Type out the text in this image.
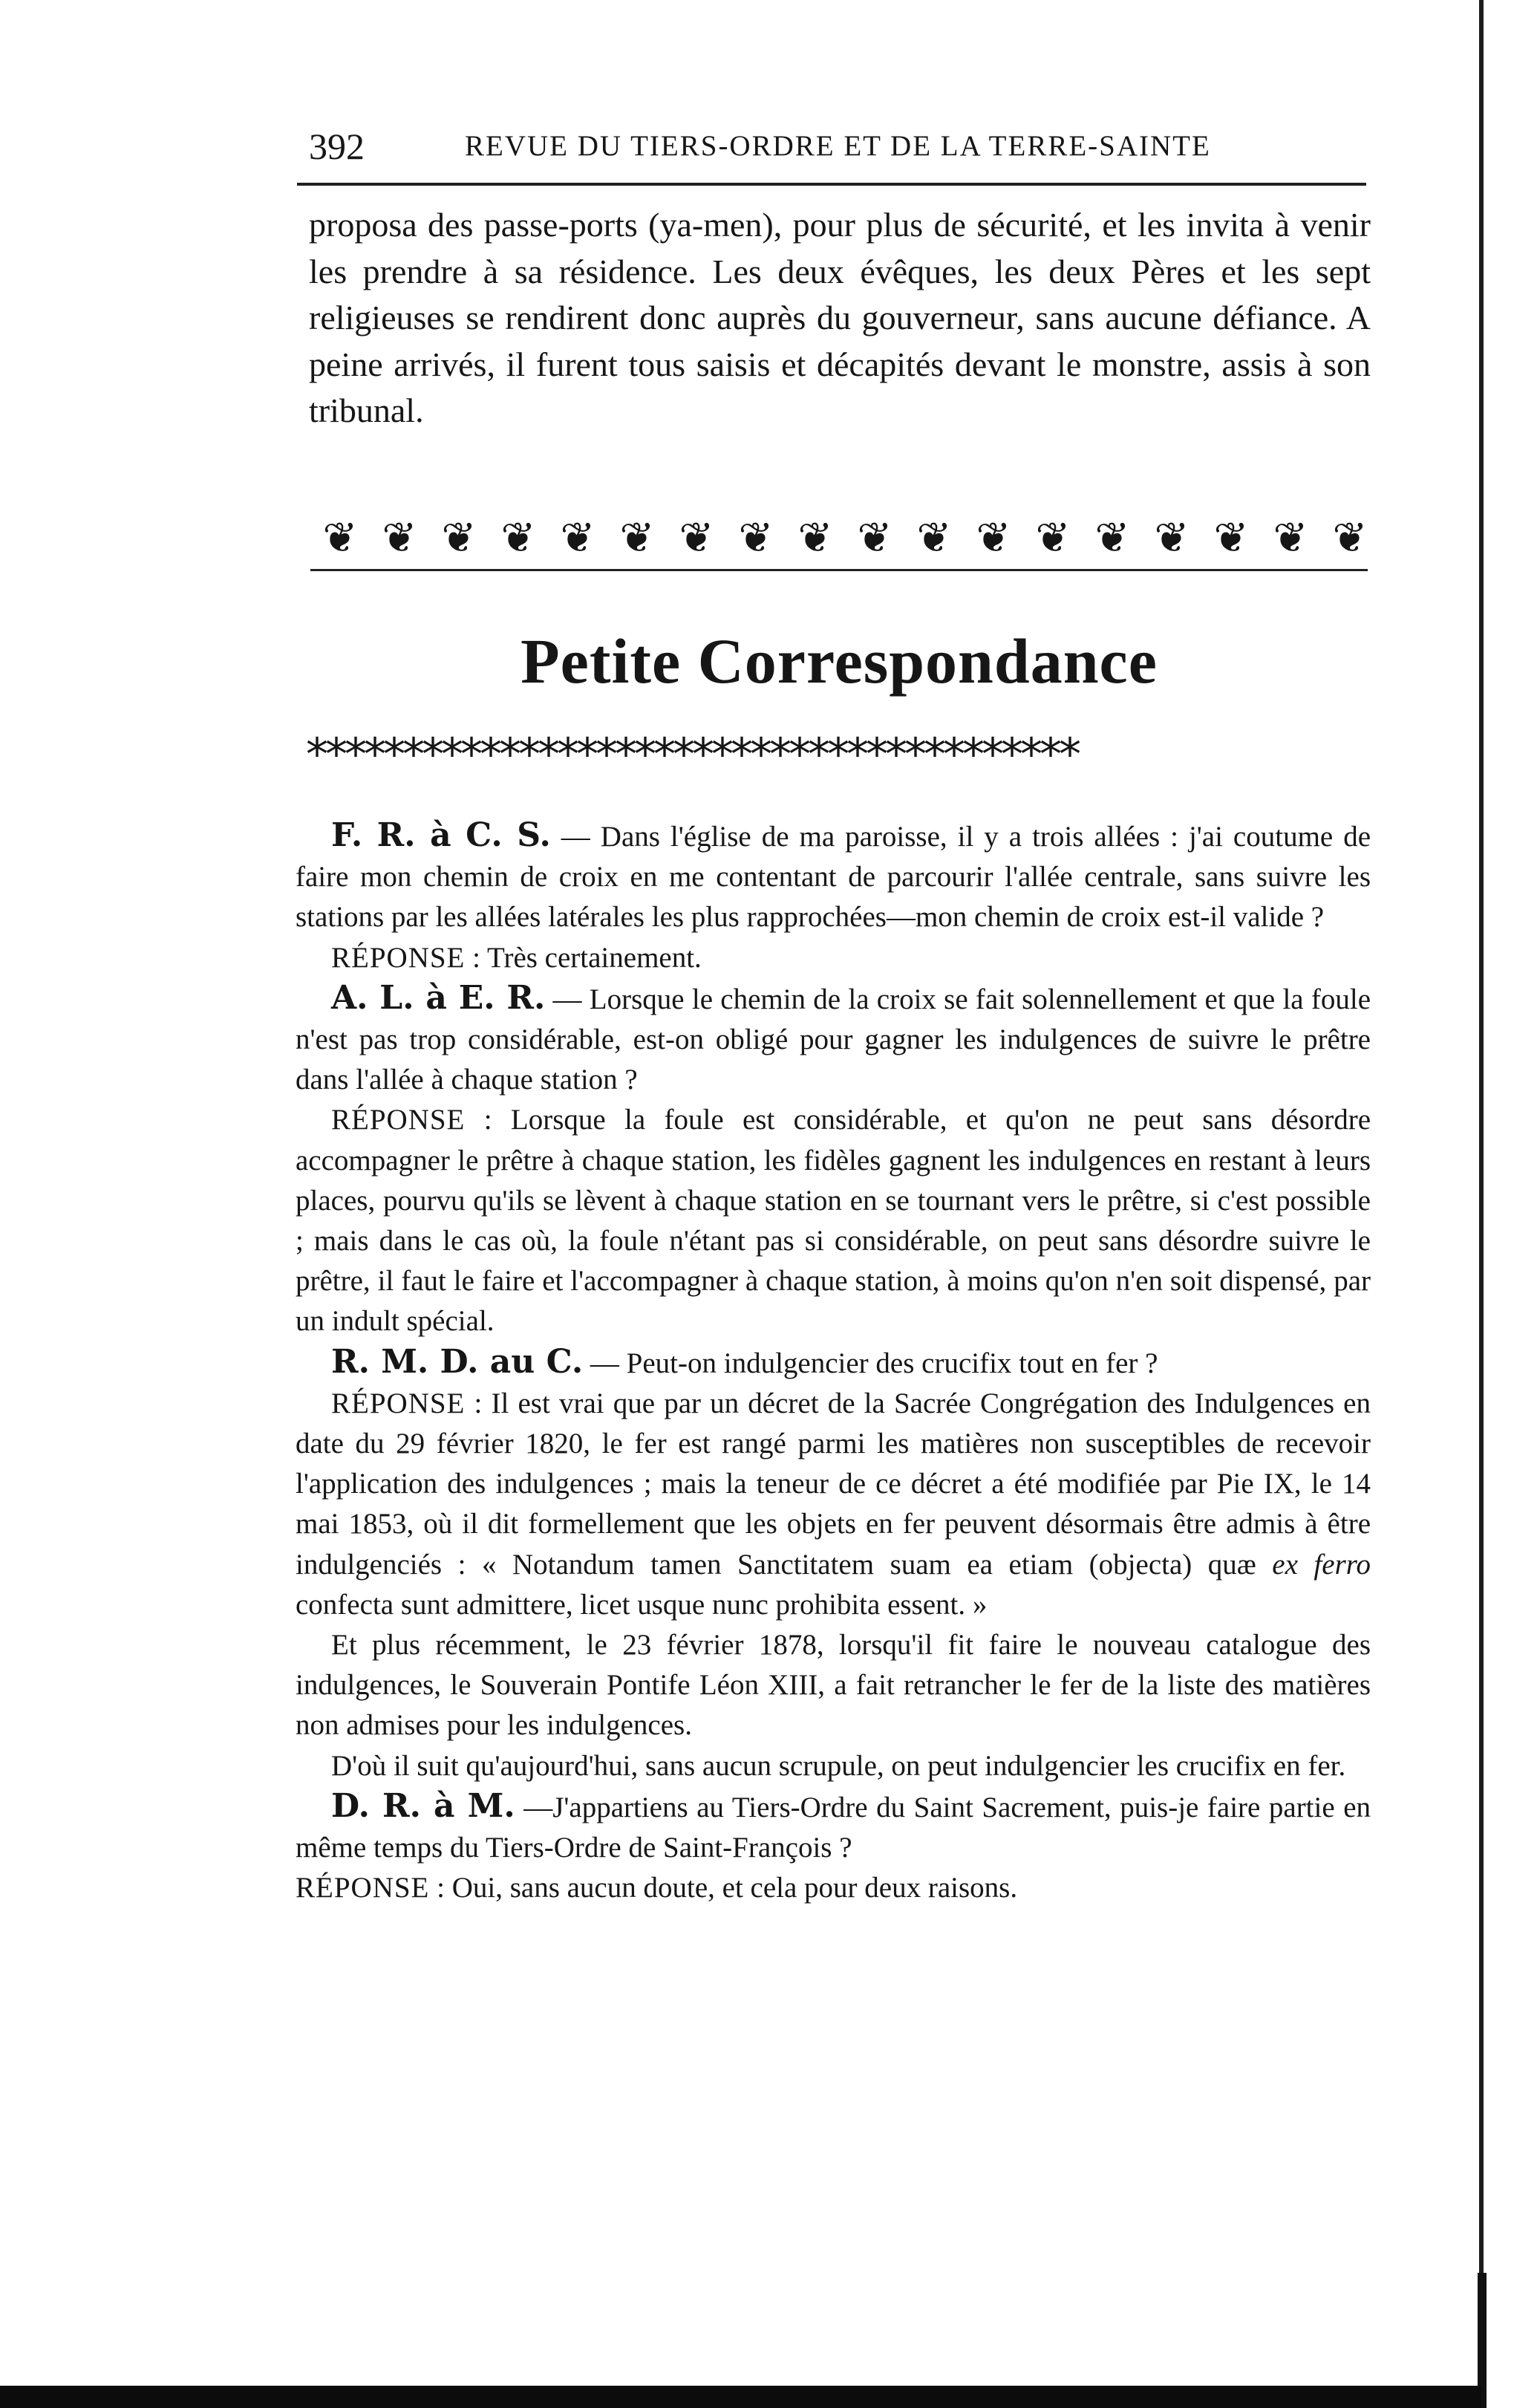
392	REVUE DU TIERS-ORDRE ET DE LA TERRE-SAINTE

proposa des passe-ports (ya-men), pour plus de sécurité, et les invita à venir les prendre à sa résidence. Les deux évêques, les deux Pères et les sept religieuses se rendirent donc auprès du gouverneur, sans aucune défiance. A peine arrivés, il furent tous saisis et décapités devant le monstre, assis à son tribunal.

❦ ❦ ❦ ❦ ❦ ❦ ❦ ❦ ❦ ❦ ❦ ❦ ❦ ❦ ❦ ❦ ❦ ❦
Petite Correspondance
****************************************

F. R. à C. S. — Dans l'église de ma paroisse, il y a trois allées : j'ai coutume de faire mon chemin de croix en me contentant de parcourir l'allée centrale, sans suivre les stations par les allées latérales les plus rapprochées—mon chemin de croix est-il valide ?

RÉPONSE : Très certainement.

A. L. à E. R. — Lorsque le chemin de la croix se fait solennellement et que la foule n'est pas trop considérable, est-on obligé pour gagner les indulgences de suivre le prêtre dans l'allée à chaque station ?

RÉPONSE : Lorsque la foule est considérable, et qu'on ne peut sans désordre accompagner le prêtre à chaque station, les fidèles gagnent les indulgences en restant à leurs places, pourvu qu'ils se lèvent à chaque station en se tournant vers le prêtre, si c'est possible ; mais dans le cas où, la foule n'étant pas si considérable, on peut sans désordre suivre le prêtre, il faut le faire et l'accompagner à chaque station, à moins qu'on n'en soit dispensé, par un indult spécial.

R. M. D. au C. — Peut-on indulgencier des crucifix tout en fer ?

RÉPONSE : Il est vrai que par un décret de la Sacrée Congrégation des Indulgences en date du 29 février 1820, le fer est rangé parmi les matières non susceptibles de recevoir l'application des indulgences ; mais la teneur de ce décret a été modifiée par Pie IX, le 14 mai 1853, où il dit formellement que les objets en fer peuvent désormais être admis à être indulgenciés : « Notandum tamen Sanctitatem suam ea etiam (objecta) quæ ex ferro confecta sunt admittere, licet usque nunc prohibita essent. »

Et plus récemment, le 23 février 1878, lorsqu'il fit faire le nouveau catalogue des indulgences, le Souverain Pontife Léon XIII, a fait retrancher le fer de la liste des matières non admises pour les indulgences.

D'où il suit qu'aujourd'hui, sans aucun scrupule, on peut indulgencier les crucifix en fer.

D. R. à M. —J'appartiens au Tiers-Ordre du Saint Sacrement, puis-je faire partie en même temps du Tiers-Ordre de Saint-François ?

RÉPONSE : Oui, sans aucun doute, et cela pour deux raisons.
